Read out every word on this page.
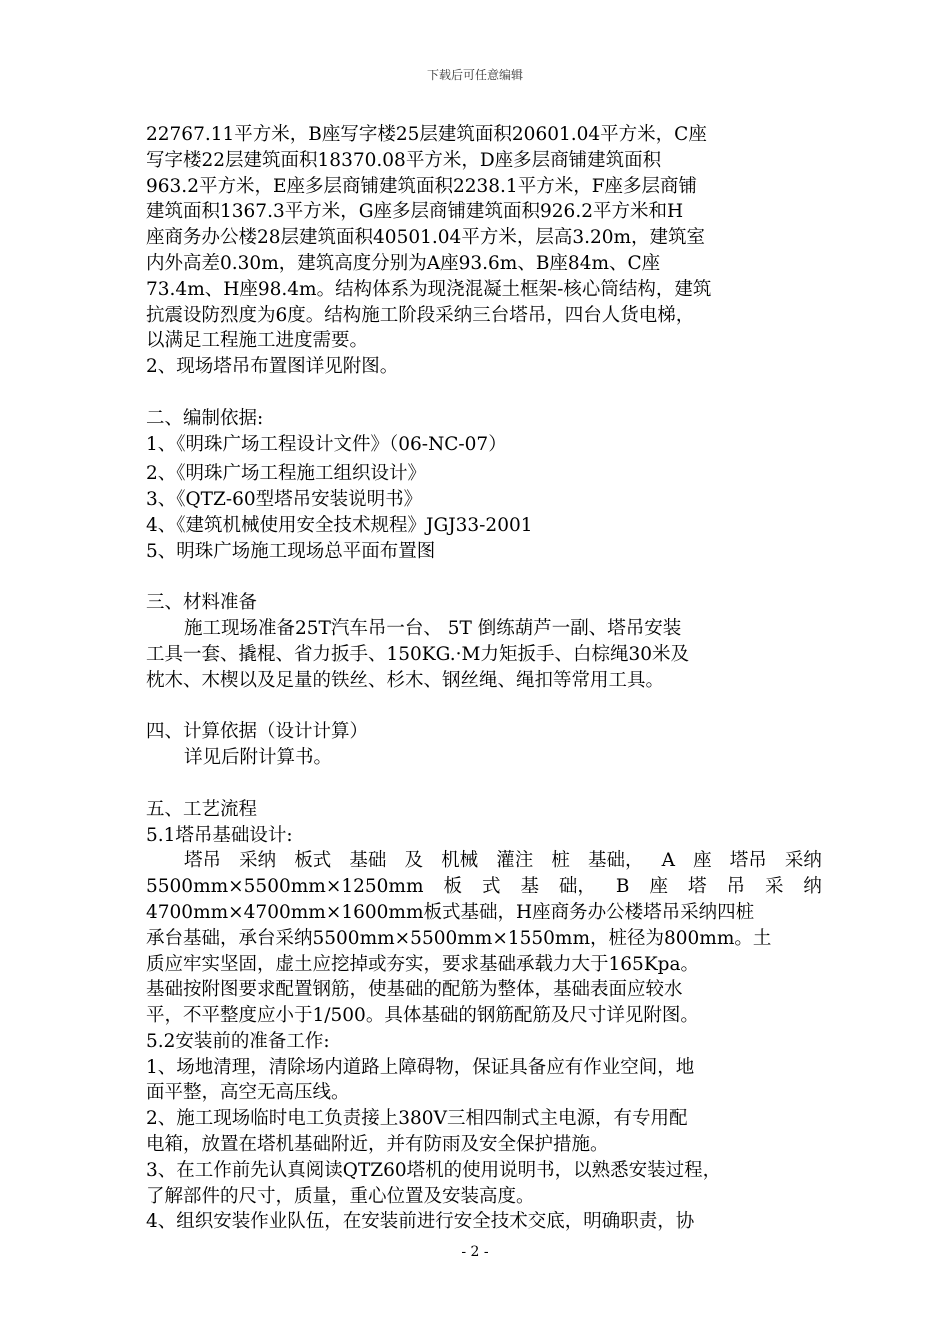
下载后可任意编辑
22767.11平方米，B座写字楼25层建筑面积20601.04平方米，C座
写字楼22层建筑面积18370.08平方米，D座多层商铺建筑面积
963.2平方米，E座多层商铺建筑面积2238.1平方米，F座多层商铺
建筑面积1367.3平方米，G座多层商铺建筑面积926.2平方米和H
座商务办公楼28层建筑面积40501.04平方米，层高3.20m，建筑室
内外高差0.30m，建筑高度分别为A座93.6m、B座84m、C座
73.4m、H座98.4m。结构体系为现浇混凝土框架-核心筒结构，建筑
抗震设防烈度为6度。结构施工阶段采纳三台塔吊，四台人货电梯，
以满足工程施工进度需要。
2、现场塔吊布置图详见附图。
二、编制依据:
1、《明珠广场工程设计文件》（06-NC-07）
2、《明珠广场工程施工组织设计》
3、《QTZ-60型塔吊安装说明书》
4、《建筑机械使用安全技术规程》JGJ33-2001
5、明珠广场施工现场总平面布置图
三、材料准备
施工现场准备25T汽车吊一台、 5T 倒练葫芦一副、塔吊安装
工具一套、撬棍、省力扳手、150KG.·M力矩扳手、白棕绳30米及
枕木、木楔以及足量的铁丝、杉木、钢丝绳、绳扣等常用工具。
四、计算依据（设计计算）
详见后附计算书。
五、工艺流程
5.1塔吊基础设计:
塔吊 采纳 板式 基础 及 机械 灌注 桩 基础， A 座 塔吊 采纳
5500mm×5500mm×1250mm 板 式 基 础， B 座 塔 吊 采 纳
4700mm×4700mm×1600mm板式基础，H座商务办公楼塔吊采纳四桩
承台基础，承台采纳5500mm×5500mm×1550mm，桩径为800mm。土
质应牢实坚固，虚土应挖掉或夯实，要求基础承载力大于165Kpa。
基础按附图要求配置钢筋，使基础的配筋为整体，基础表面应较水
平，不平整度应小于1/500。具体基础的钢筋配筋及尺寸详见附图。
5.2安装前的准备工作:
1、场地清理，清除场内道路上障碍物，保证具备应有作业空间，地
面平整，高空无高压线。
2、施工现场临时电工负责接上380V三相四制式主电源，有专用配
电箱，放置在塔机基础附近，并有防雨及安全保护措施。
3、在工作前先认真阅读QTZ60塔机的使用说明书，以熟悉安装过程，
了解部件的尺寸，质量，重心位置及安装高度。
4、组织安装作业队伍，在安装前进行安全技术交底，明确职责，协
- 2 -
